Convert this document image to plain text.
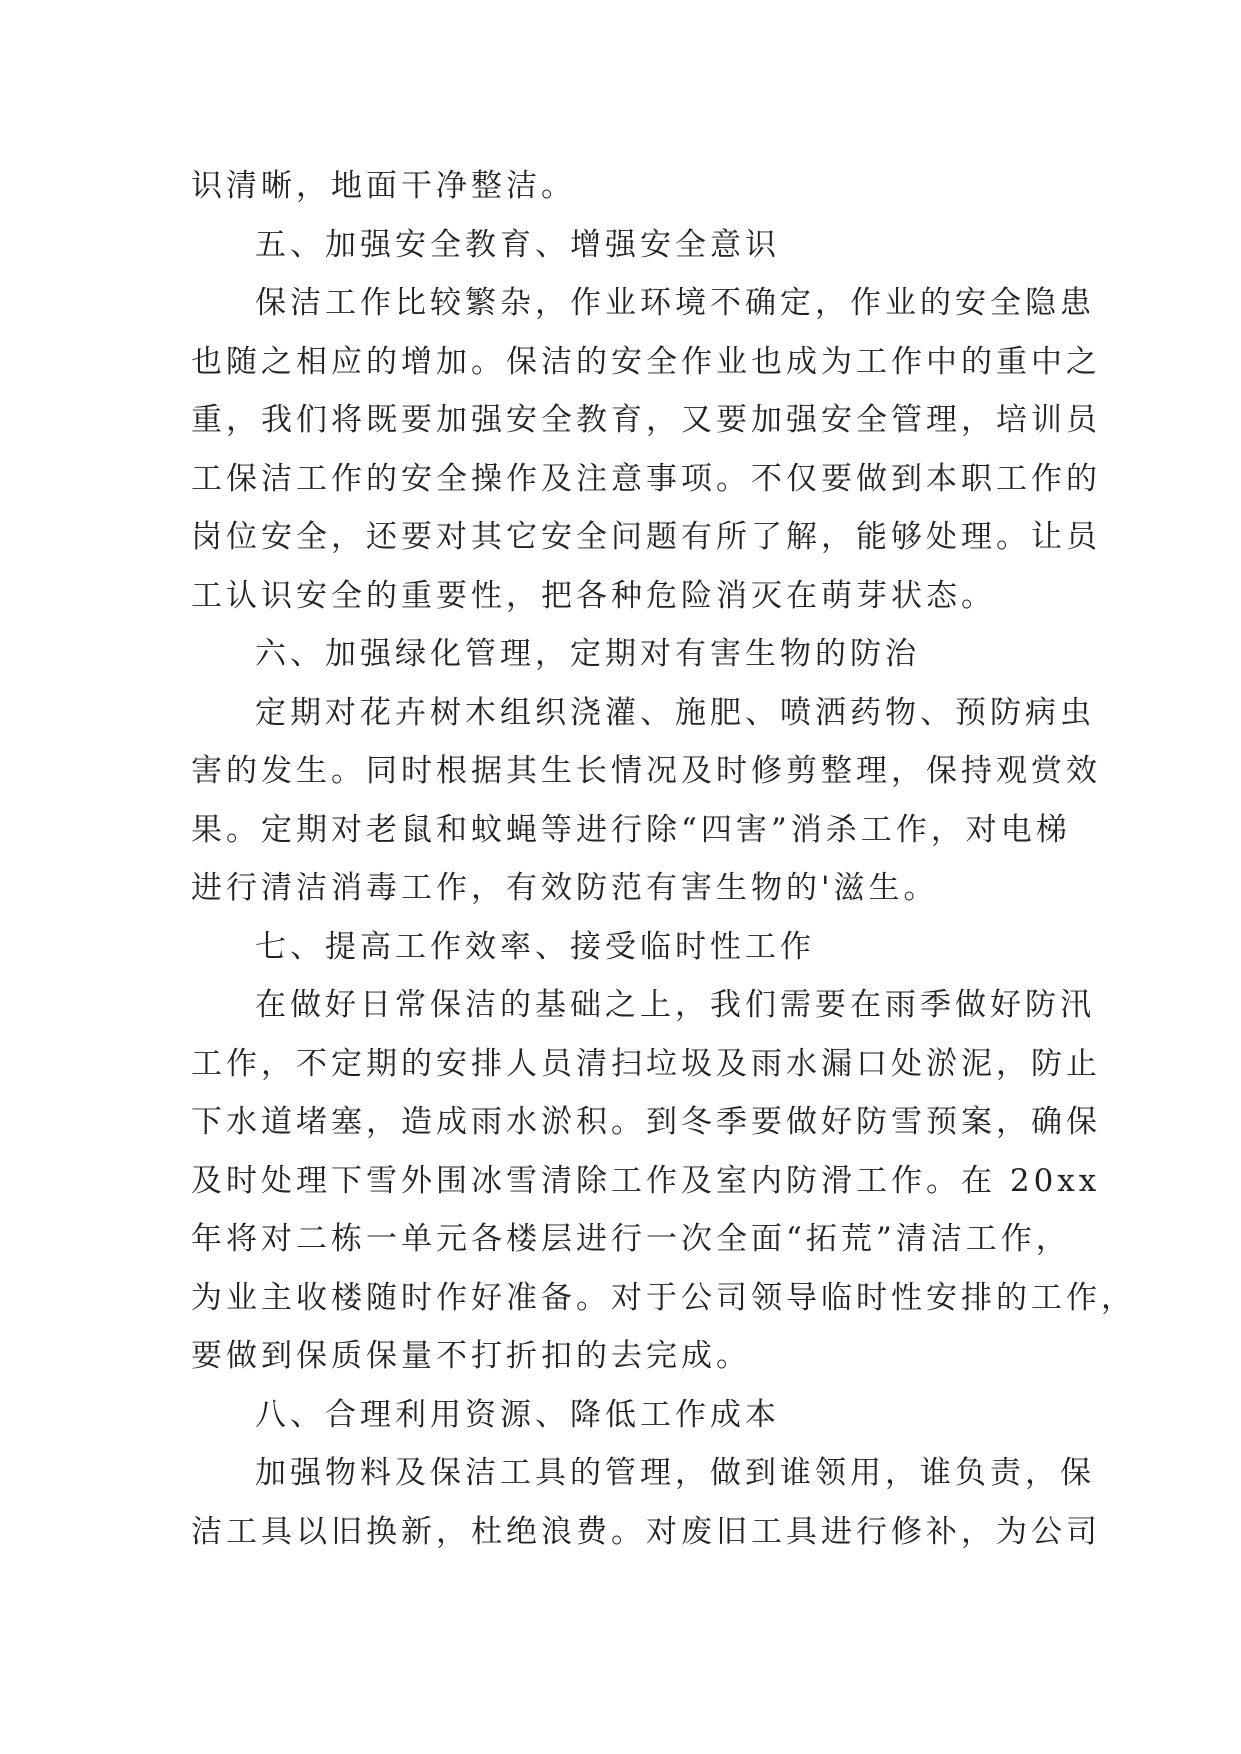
识清晰，地面干净整洁。
五、加强安全教育、增强安全意识
保洁工作比较繁杂，作业环境不确定，作业的安全隐患
也随之相应的增加。保洁的安全作业也成为工作中的重中之
重，我们将既要加强安全教育，又要加强安全管理，培训员
工保洁工作的安全操作及注意事项。不仅要做到本职工作的
岗位安全，还要对其它安全问题有所了解，能够处理。让员
工认识安全的重要性，把各种危险消灭在萌芽状态。
六、加强绿化管理，定期对有害生物的防治
定期对花卉树木组织浇灌、施肥、喷洒药物、预防病虫
害的发生。同时根据其生长情况及时修剪整理，保持观赏效
果。定期对老鼠和蚊蝇等进行除“四害”消杀工作，对电梯
进行清洁消毒工作，有效防范有害生物的'滋生。
七、提高工作效率、接受临时性工作
在做好日常保洁的基础之上，我们需要在雨季做好防汛
工作，不定期的安排人员清扫垃圾及雨水漏口处淤泥，防止
下水道堵塞，造成雨水淤积。到冬季要做好防雪预案，确保
及时处理下雪外围冰雪清除工作及室内防滑工作。在 20xx
年将对二栋一单元各楼层进行一次全面“拓荒”清洁工作，
为业主收楼随时作好准备。对于公司领导临时性安排的工作，
要做到保质保量不打折扣的去完成。
八、合理利用资源、降低工作成本
加强物料及保洁工具的管理，做到谁领用，谁负责，保
洁工具以旧换新，杜绝浪费。对废旧工具进行修补，为公司
